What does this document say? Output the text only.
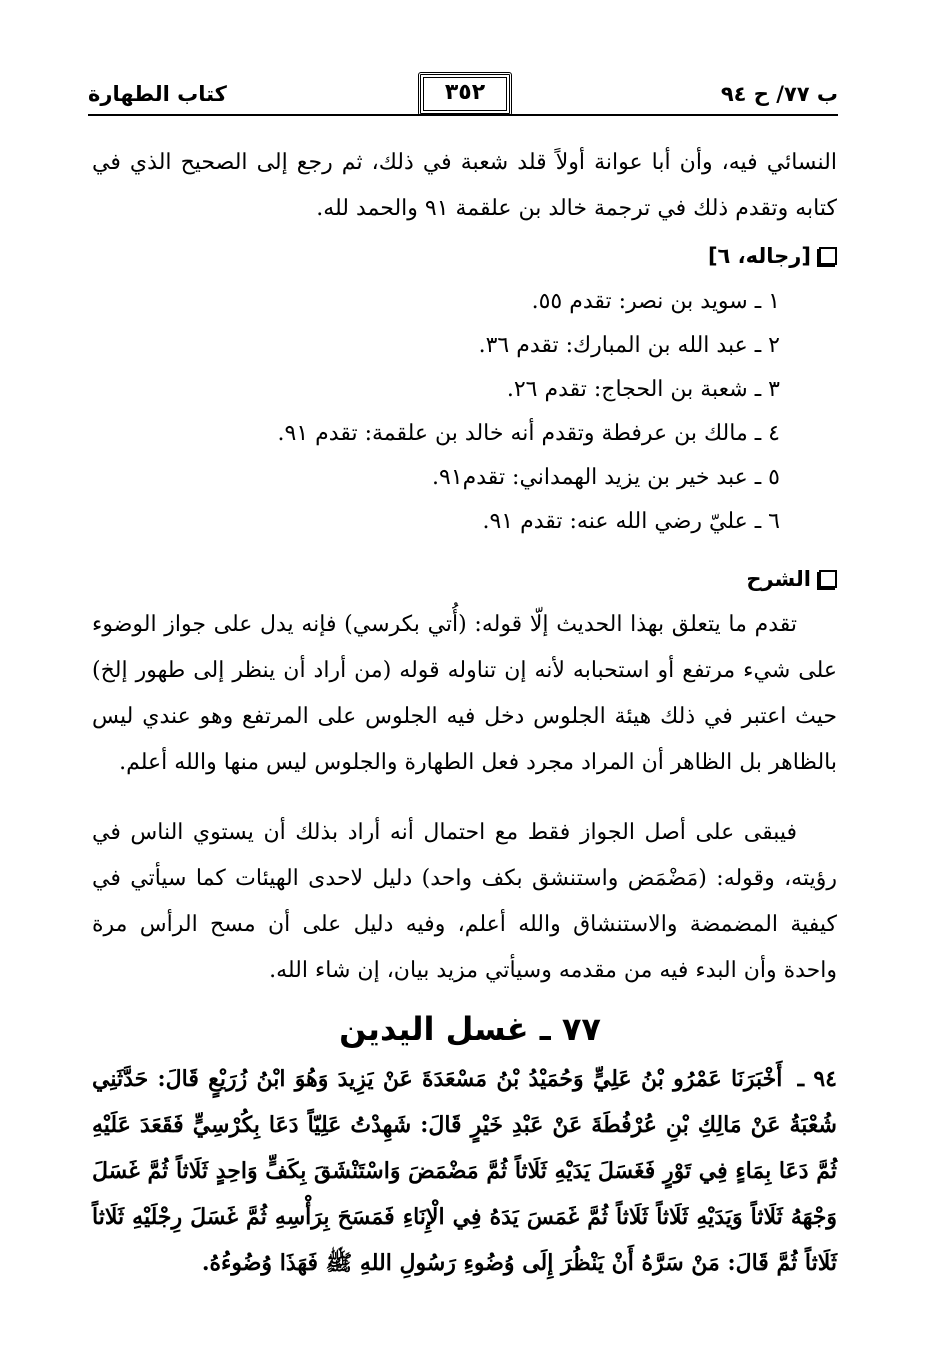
ب ٧٧/ ح ٩٤
٣٥٢
كتاب الطهارة
النسائي فيه، وأن أبا عوانة أولاً قلد شعبة في ذلك، ثم رجع إلى الصحيح الذي في كتابه وتقدم ذلك في ترجمة خالد بن علقمة ٩١ والحمد لله.
[رجاله، ٦]
١ ـ سويد بن نصر: تقدم ٥٥.
٢ ـ عبد الله بن المبارك: تقدم ٣٦.
٣ ـ شعبة بن الحجاج: تقدم ٢٦.
٤ ـ مالك بن عرفطة وتقدم أنه خالد بن علقمة: تقدم ٩١.
٥ ـ عبد خير بن يزيد الهمداني: تقدم٩١.
٦ ـ عليّ رضي الله عنه: تقدم ٩١.
الشرح
تقدم ما يتعلق بهذا الحديث إلّا قوله: (أُتي بكرسي) فإنه يدل على جواز الوضوء على شيء مرتفع أو استحبابه لأنه إن تناوله قوله (من أراد أن ينظر إلى طهور إلخ) حيث اعتبر في ذلك هيئة الجلوس دخل فيه الجلوس على المرتفع وهو عندي ليس بالظاهر بل الظاهر أن المراد مجرد فعل الطهارة والجلوس ليس منها والله أعلم.
فيبقى على أصل الجواز فقط مع احتمال أنه أراد بذلك أن يستوي الناس في رؤيته، وقوله: (مَضْمَض واستنشق بكف واحد) دليل لاحدى الهيئات كما سيأتي في كيفية المضمضة والاستنشاق والله أعلم، وفيه دليل على أن مسح الرأس مرة واحدة وأن البدء فيه من مقدمه وسيأتي مزيد بيان، إن شاء الله.
٧٧ ـ غسل اليدين
٩٤ ـ أَخْبَرَنَا عَمْرُو بْنُ عَلِيٍّ وَحُمَيْدُ بْنُ مَسْعَدَةَ عَنْ يَزِيدَ وَهُوَ ابْنُ زُرَيْعٍ قَالَ: حَدَّثَنِي شُعْبَةُ عَنْ مَالِكِ بْنِ عُرْفُطَةَ عَنْ عَبْدِ خَيْرٍ قَالَ: شَهِدْتُ عَلِيّاً دَعَا بِكُرْسِيٍّ فَقَعَدَ عَلَيْهِ ثُمَّ دَعَا بِمَاءٍ فِي تَوْرٍ فَغَسَلَ يَدَيْهِ ثَلَاثاً ثُمَّ مَضْمَضَ وَاسْتَنْشَقَ بِكَفٍّ وَاحِدٍ ثَلَاثاً ثُمَّ غَسَلَ وَجْهَهُ ثَلَاثاً وَيَدَيْهِ ثَلَاثاً ثَلَاثاً ثُمَّ غَمَسَ يَدَهُ فِي الْإِنَاءِ فَمَسَحَ بِرَأْسِهِ ثُمَّ غَسَلَ رِجْلَيْهِ ثَلَاثاً ثَلَاثاً ثُمَّ قَالَ: مَنْ سَرَّهُ أَنْ يَنْظُرَ إِلَى وُضُوءِ رَسُولِ اللهِ ﷺ فَهَذَا وُضُوءُهُ.
